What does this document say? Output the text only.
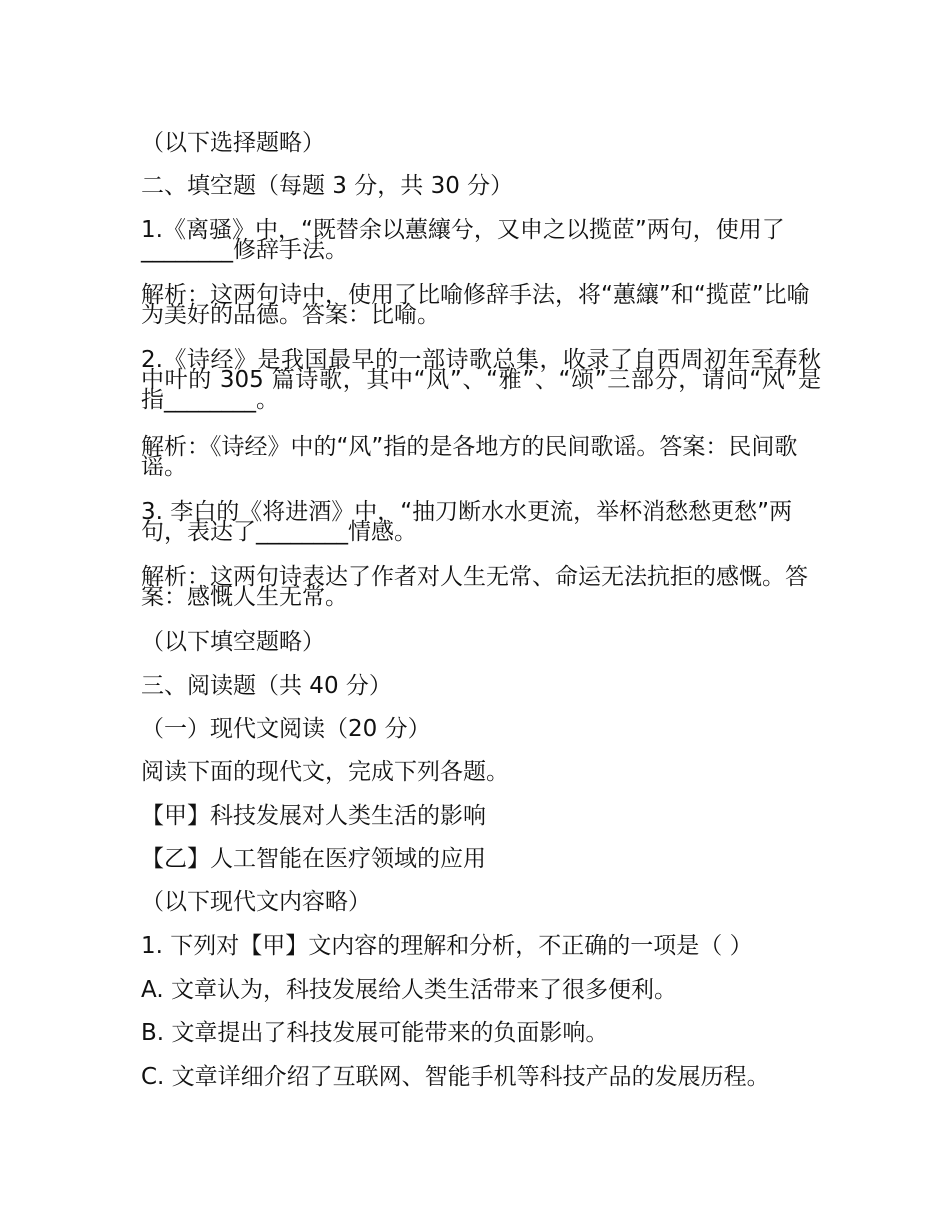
（以下选择题略）

二、填空题（每题 3 分，共 30 分）

1.《离骚》中，“既替余以蕙纕兮，又申之以揽茝”两句，使用了________修辞手法。

解析：这两句诗中，使用了比喻修辞手法，将“蕙纕”和“揽茝”比喻为美好的品德。答案：比喻。

2.《诗经》是我国最早的一部诗歌总集，收录了自西周初年至春秋中叶的 305 篇诗歌，其中“风”、“雅”、“颂”三部分，请问“风”是指________。

解析：《诗经》中的“风”指的是各地方的民间歌谣。答案：民间歌谣。

3. 李白的《将进酒》中，“抽刀断水水更流，举杯消愁愁更愁”两句，表达了________情感。

解析：这两句诗表达了作者对人生无常、命运无法抗拒的感慨。答案：感慨人生无常。

（以下填空题略）

三、阅读题（共 40 分）

（一）现代文阅读（20 分）

阅读下面的现代文，完成下列各题。

【甲】科技发展对人类生活的影响

【乙】人工智能在医疗领域的应用

（以下现代文内容略）

1. 下列对【甲】文内容的理解和分析，不正确的一项是（ ）

A. 文章认为，科技发展给人类生活带来了很多便利。

B. 文章提出了科技发展可能带来的负面影响。

C. 文章详细介绍了互联网、智能手机等科技产品的发展历程。
